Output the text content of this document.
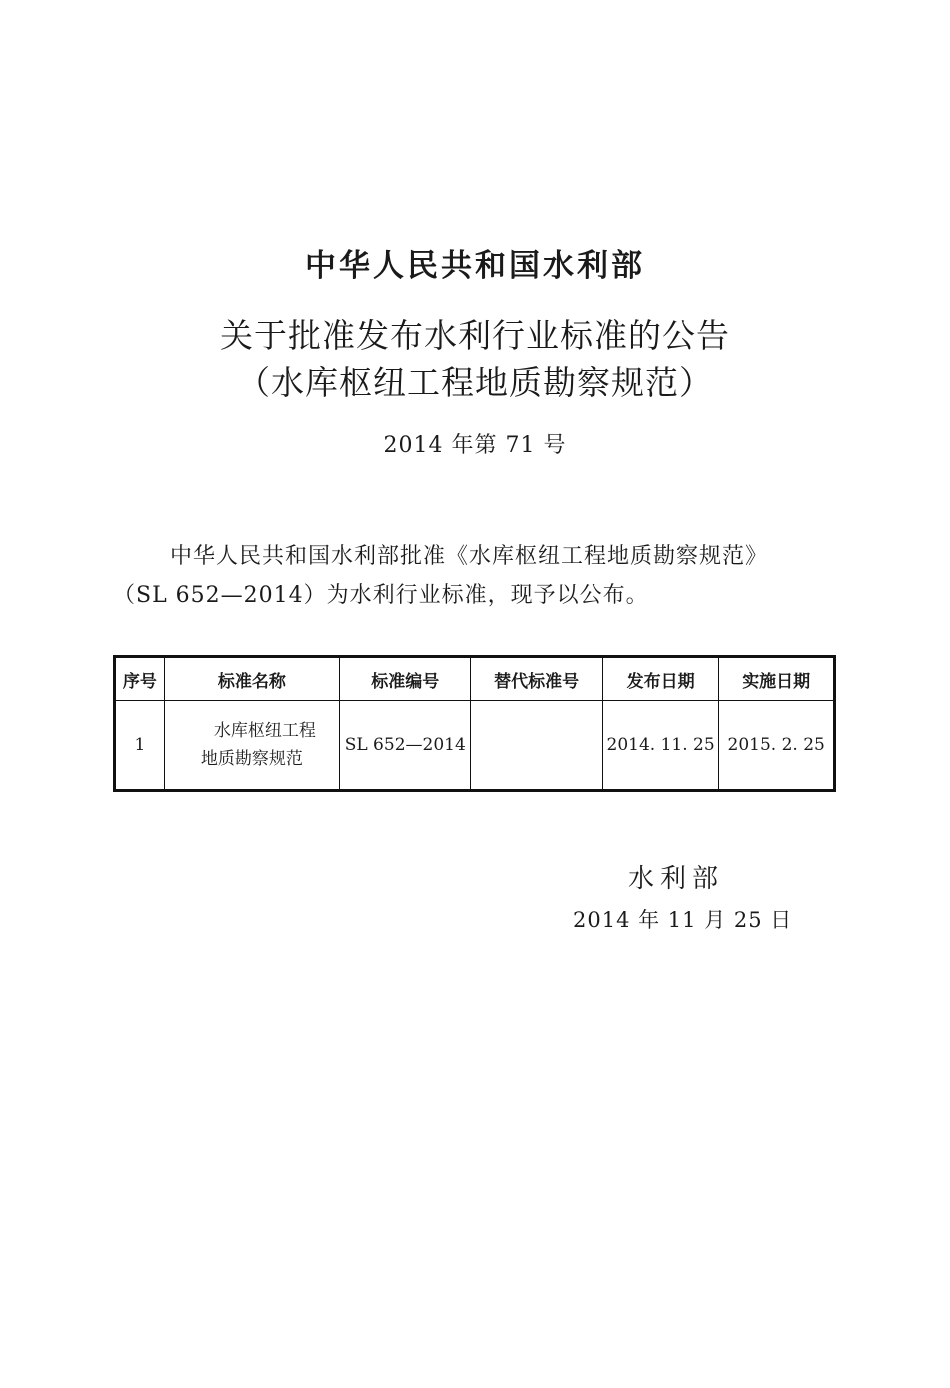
中华人民共和国水利部
关于批准发布水利行业标准的公告
（水库枢纽工程地质勘察规范）
2014 年第 71 号
中华人民共和国水利部批准《水库枢纽工程地质勘察规范》
（SL 652—2014）为水利行业标准，现予以公布。
序号	标准名称	标准编号	替代标准号	发布日期	实施日期
1	水库枢纽工程
地质勘察规范	SL 652—2014		2014. 11. 25	2015. 2. 25
水利部
2014 年 11 月 25 日
